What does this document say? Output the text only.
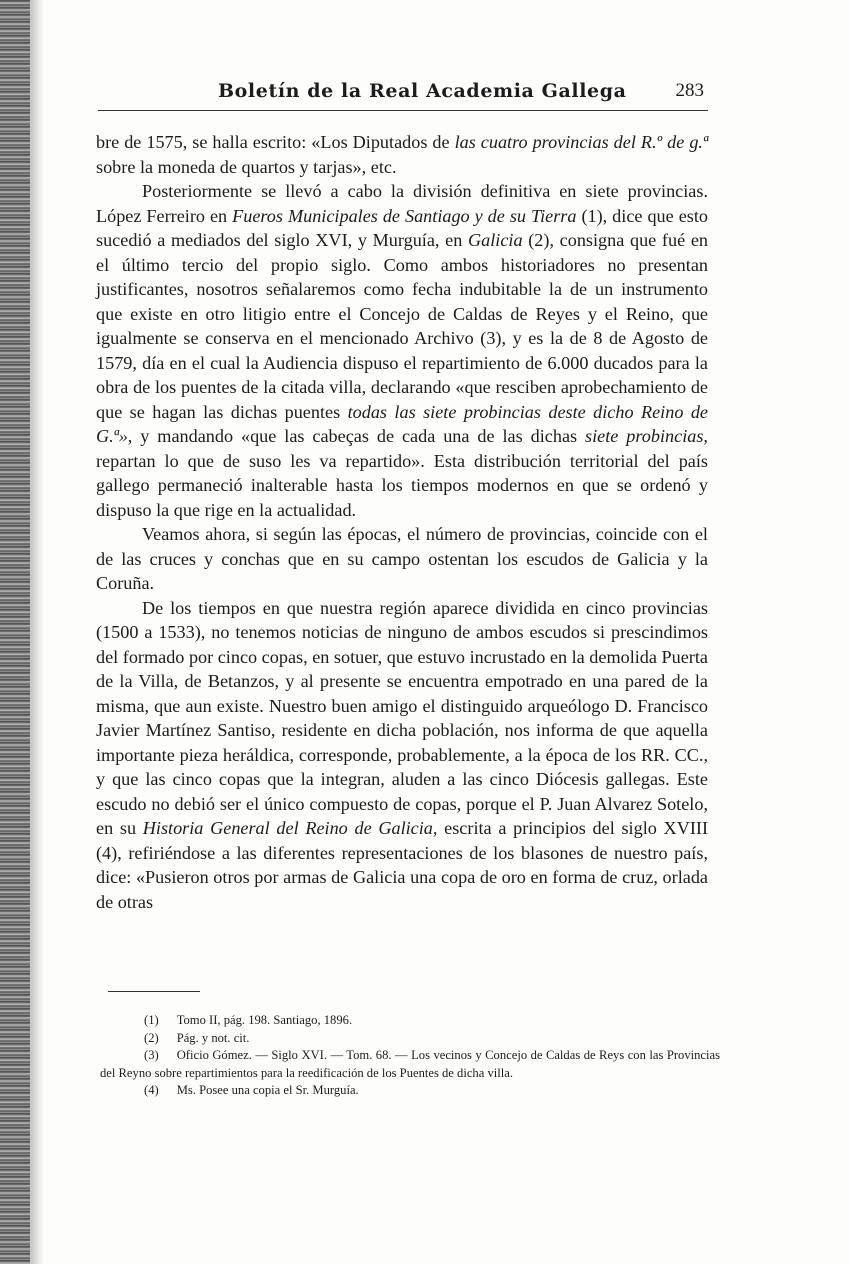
Boletín de la Real Academia Gallega	283

bre de 1575, se halla escrito: «Los Diputados de las cuatro provincias del R.º de g.ª sobre la moneda de quartos y tarjas», etc.

Posteriormente se llevó a cabo la división definitiva en siete provincias. López Ferreiro en Fueros Municipales de Santiago y de su Tierra (1), dice que esto sucedió a mediados del siglo XVI, y Murguía, en Galicia (2), consigna que fué en el último tercio del propio siglo. Como ambos historiadores no presentan justificantes, nosotros señalaremos como fecha indubitable la de un instrumento que existe en otro litigio entre el Concejo de Caldas de Reyes y el Reino, que igualmente se conserva en el mencionado Archivo (3), y es la de 8 de Agosto de 1579, día en el cual la Audiencia dispuso el repartimiento de 6.000 ducados para la obra de los puentes de la citada villa, declarando «que resciben aprobechamiento de que se hagan las dichas puentes todas las siete probincias deste dicho Reino de G.ª», y mandando «que las cabeças de cada una de las dichas siete probincias, repartan lo que de suso les va repartido». Esta distribución territorial del país gallego permaneció inalterable hasta los tiempos modernos en que se ordenó y dispuso la que rige en la actualidad.

Veamos ahora, si según las épocas, el número de provincias, coincide con el de las cruces y conchas que en su campo ostentan los escudos de Galicia y la Coruña.

De los tiempos en que nuestra región aparece dividida en cinco provincias (1500 a 1533), no tenemos noticias de ninguno de ambos escudos si prescindimos del formado por cinco copas, en sotuer, que estuvo incrustado en la demolida Puerta de la Villa, de Betanzos, y al presente se encuentra empotrado en una pared de la misma, que aun existe. Nuestro buen amigo el distinguido arqueólogo D. Francisco Javier Martínez Santiso, residente en dicha población, nos informa de que aquella importante pieza heráldica, corresponde, probablemente, a la época de los RR. CC., y que las cinco copas que la integran, aluden a las cinco Diócesis gallegas. Este escudo no debió ser el único compuesto de copas, porque el P. Juan Alvarez Sotelo, en su Historia General del Reino de Galicia, escrita a principios del siglo XVIII (4), refiriéndose a las diferentes representaciones de los blasones de nuestro país, dice: «Pusieron otros por armas de Galicia una copa de oro en forma de cruz, orlada de otras

(1) Tomo II, pág. 198. Santiago, 1896.

(2) Pág. y not. cit.

(3) Oficio Gómez. — Siglo XVI. — Tom. 68. — Los vecinos y Concejo de Caldas de Reys con las Provincias del Reyno sobre repartimientos para la reedificación de los Puentes de dicha villa.

(4) Ms. Posee una copia el Sr. Murguía.
